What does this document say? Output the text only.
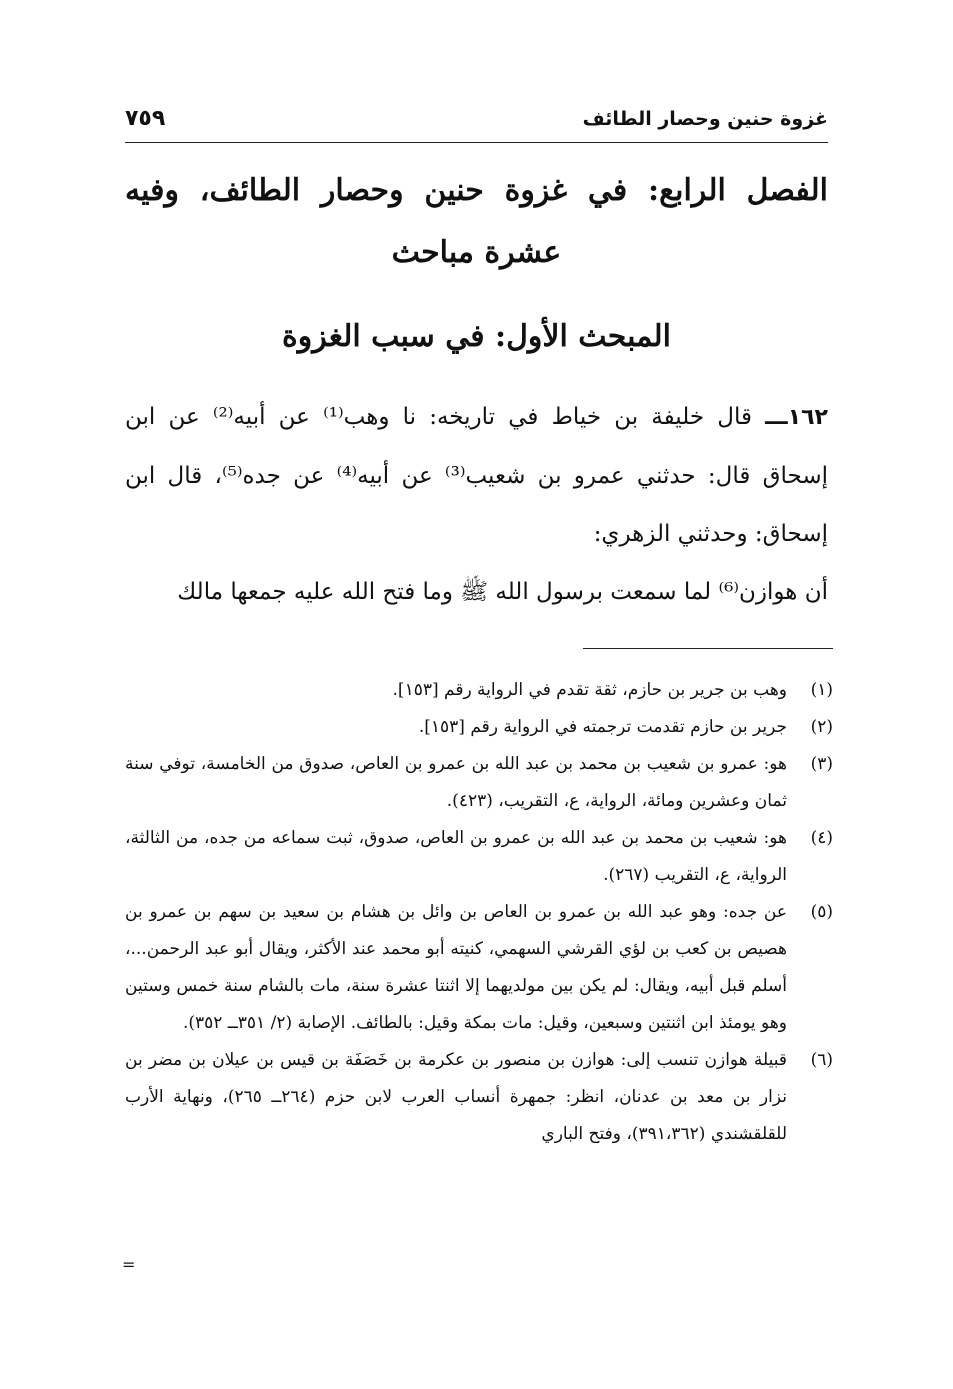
غزوة حنين وحصار الطائف
٧٥٩
الفصل الرابع: في غزوة حنين وحصار الطائف، وفيه عشرة مباحث
المبحث الأول: في سبب الغزوة

١٦٢ـــ قال خليفة بن خياط في تاريخه: نا وهب⁽¹⁾ عن أبيه⁽²⁾ عن ابن إسحاق قال: حدثني عمرو بن شعيب⁽³⁾ عن أبيه⁽⁴⁾ عن جده⁽⁵⁾، قال ابن إسحاق: وحدثني الزهري:

أن هوازن⁽⁶⁾ لما سمعت برسول الله ﷺ وما فتح الله عليه جمعها مالك

(١)
وهب بن جرير بن حازم، ثقة تقدم في الرواية رقم [١٥٣].

(٢)
جرير بن حازم تقدمت ترجمته في الرواية رقم [١٥٣].

(٣)
هو: عمرو بن شعيب بن محمد بن عبد الله بن عمرو بن العاص، صدوق من الخامسة، توفي سنة ثمان وعشرين ومائة، الرواية، ع، التقريب، (٤٢٣).

(٤)
هو: شعيب بن محمد بن عبد الله بن عمرو بن العاص، صدوق، ثبت سماعه من جده، من الثالثة، الرواية، ع، التقريب (٢٦٧).

(٥)
عن جده: وهو عبد الله بن عمرو بن العاص بن وائل بن هشام بن سعيد بن سهم بن عمرو بن هصيص بن كعب بن لؤي القرشي السهمي، كنيته أبو محمد عند الأكثر، ويقال أبو عبد الرحمن...، أسلم قبل أبيه، ويقال: لم يكن بين مولديهما إلا اثنتا عشرة سنة، مات بالشام سنة خمس وستين وهو يومئذ ابن اثنتين وسبعين، وقيل: مات بمكة وقيل: بالطائف. الإصابة (٢/ ٣٥١ــ ٣٥٢).

(٦)
قبيلة هوازن تنسب إلى: هوازن بن منصور بن عكرمة بن خَصَفَة بن قيس بن عيلان بن مضر بن نزار بن معد بن عدنان، انظر: جمهرة أنساب العرب لابن حزم (٢٦٤ــ ٢٦٥)، ونهاية الأرب للقلقشندي (٣٩١،٣٦٢)، وفتح الباري

=
